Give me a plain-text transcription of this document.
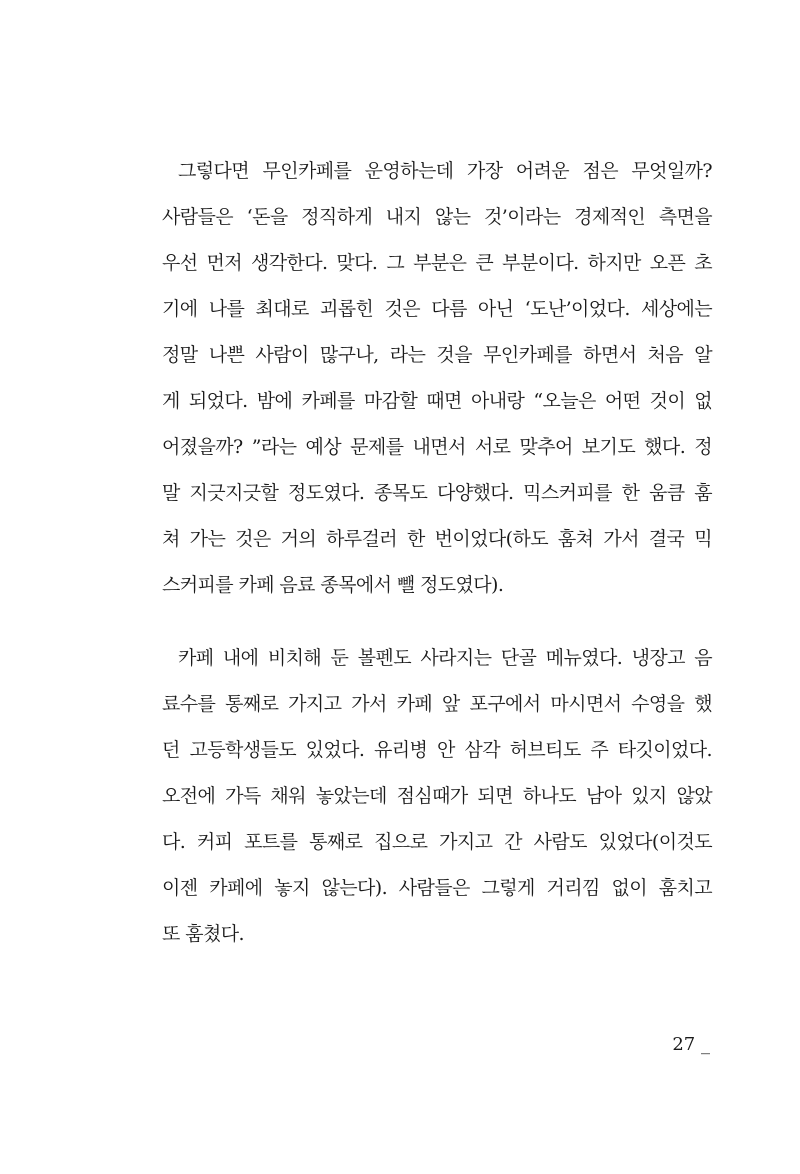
그렇다면 무인카페를 운영하는데 가장 어려운 점은 무엇일까?
사람들은 ‘돈을 정직하게 내지 않는 것’이라는 경제적인 측면을
우선 먼저 생각한다. 맞다. 그 부분은 큰 부분이다. 하지만 오픈 초
기에 나를 최대로 괴롭힌 것은 다름 아닌 ‘도난’이었다. 세상에는
정말 나쁜 사람이 많구나, 라는 것을 무인카페를 하면서 처음 알
게 되었다. 밤에 카페를 마감할 때면 아내랑 “오늘은 어떤 것이 없
어졌을까? ”라는 예상 문제를 내면서 서로 맞추어 보기도 했다. 정
말 지긋지긋할 정도였다. 종목도 다양했다. 믹스커피를 한 움큼 훔
쳐 가는 것은 거의 하루걸러 한 번이었다(하도 훔쳐 가서 결국 믹
스커피를 카페 음료 종목에서 뺄 정도였다).

카페 내에 비치해 둔 볼펜도 사라지는 단골 메뉴였다. 냉장고 음
료수를 통째로 가지고 가서 카페 앞 포구에서 마시면서 수영을 했
던 고등학생들도 있었다. 유리병 안 삼각 허브티도 주 타깃이었다.
오전에 가득 채워 놓았는데 점심때가 되면 하나도 남아 있지 않았
다. 커피 포트를 통째로 집으로 가지고 간 사람도 있었다(이것도
이젠 카페에 놓지 않는다). 사람들은 그렇게 거리낌 없이 훔치고
또 훔쳤다.

27 _
